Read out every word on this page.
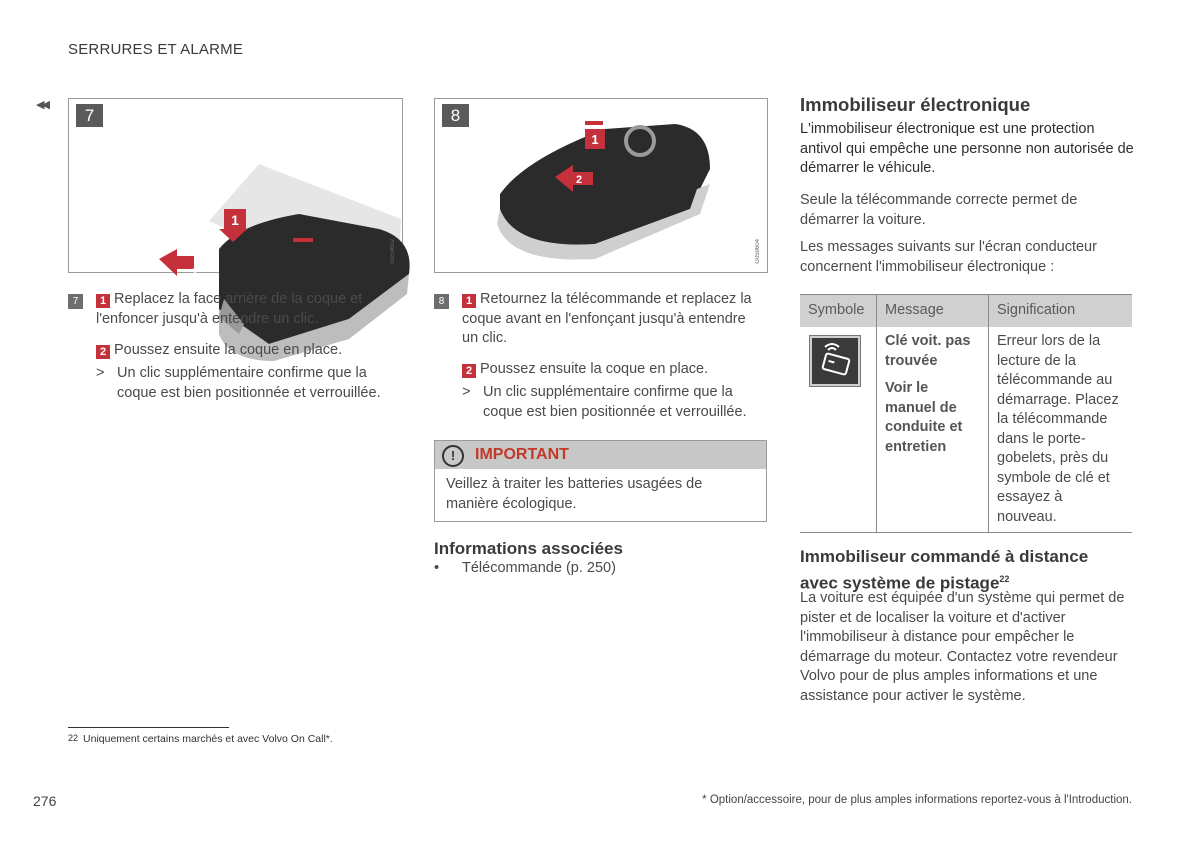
SERRURES ET ALARME
◀◀
7
1
2
G059602
8
1
2
G059604
7	1 Replacez la face arrière de la coque et l'enfoncer jusqu'à entendre un clic.
2 Poussez ensuite la coque en place.
> Un clic supplémentaire confirme que la coque est bien positionnée et verrouillée.
8	1 Retournez la télécommande et replacez la coque avant en l'enfonçant jusqu'à entendre un clic.
2 Poussez ensuite la coque en place.
> Un clic supplémentaire confirme que la coque est bien positionnée et verrouillée.
!	IMPORTANT
Veillez à traiter les batteries usagées de manière écologique.
Informations associées
• Télécommande (p. 250)
Immobiliseur électronique
L'immobiliseur électronique est une protection antivol qui empêche une personne non autorisée de démarrer le véhicule.
Seule la télécommande correcte permet de démarrer la voiture.
Les messages suivants sur l'écran conducteur concernent l'immobiliseur électronique :
Symbole	Message	Signification

Clé voit. pas trouvée
Voir le manuel de conduite et entretien	Erreur lors de la lecture de la télécommande au démarrage. Placez la télécommande dans le porte-gobelets, près du symbole de clé et essayez à nouveau.
Immobiliseur commandé à distance avec système de pistage$^{22}$
La voiture est équipée d'un système qui permet de pister et de localiser la voiture et d'activer l'immobiliseur à distance pour empêcher le démarrage du moteur. Contactez votre revendeur Volvo pour de plus amples informations et une assistance pour activer le système.
22 Uniquement certains marchés et avec Volvo On Call*.
276	* Option/accessoire, pour de plus amples informations reportez-vous à l'Introduction.
